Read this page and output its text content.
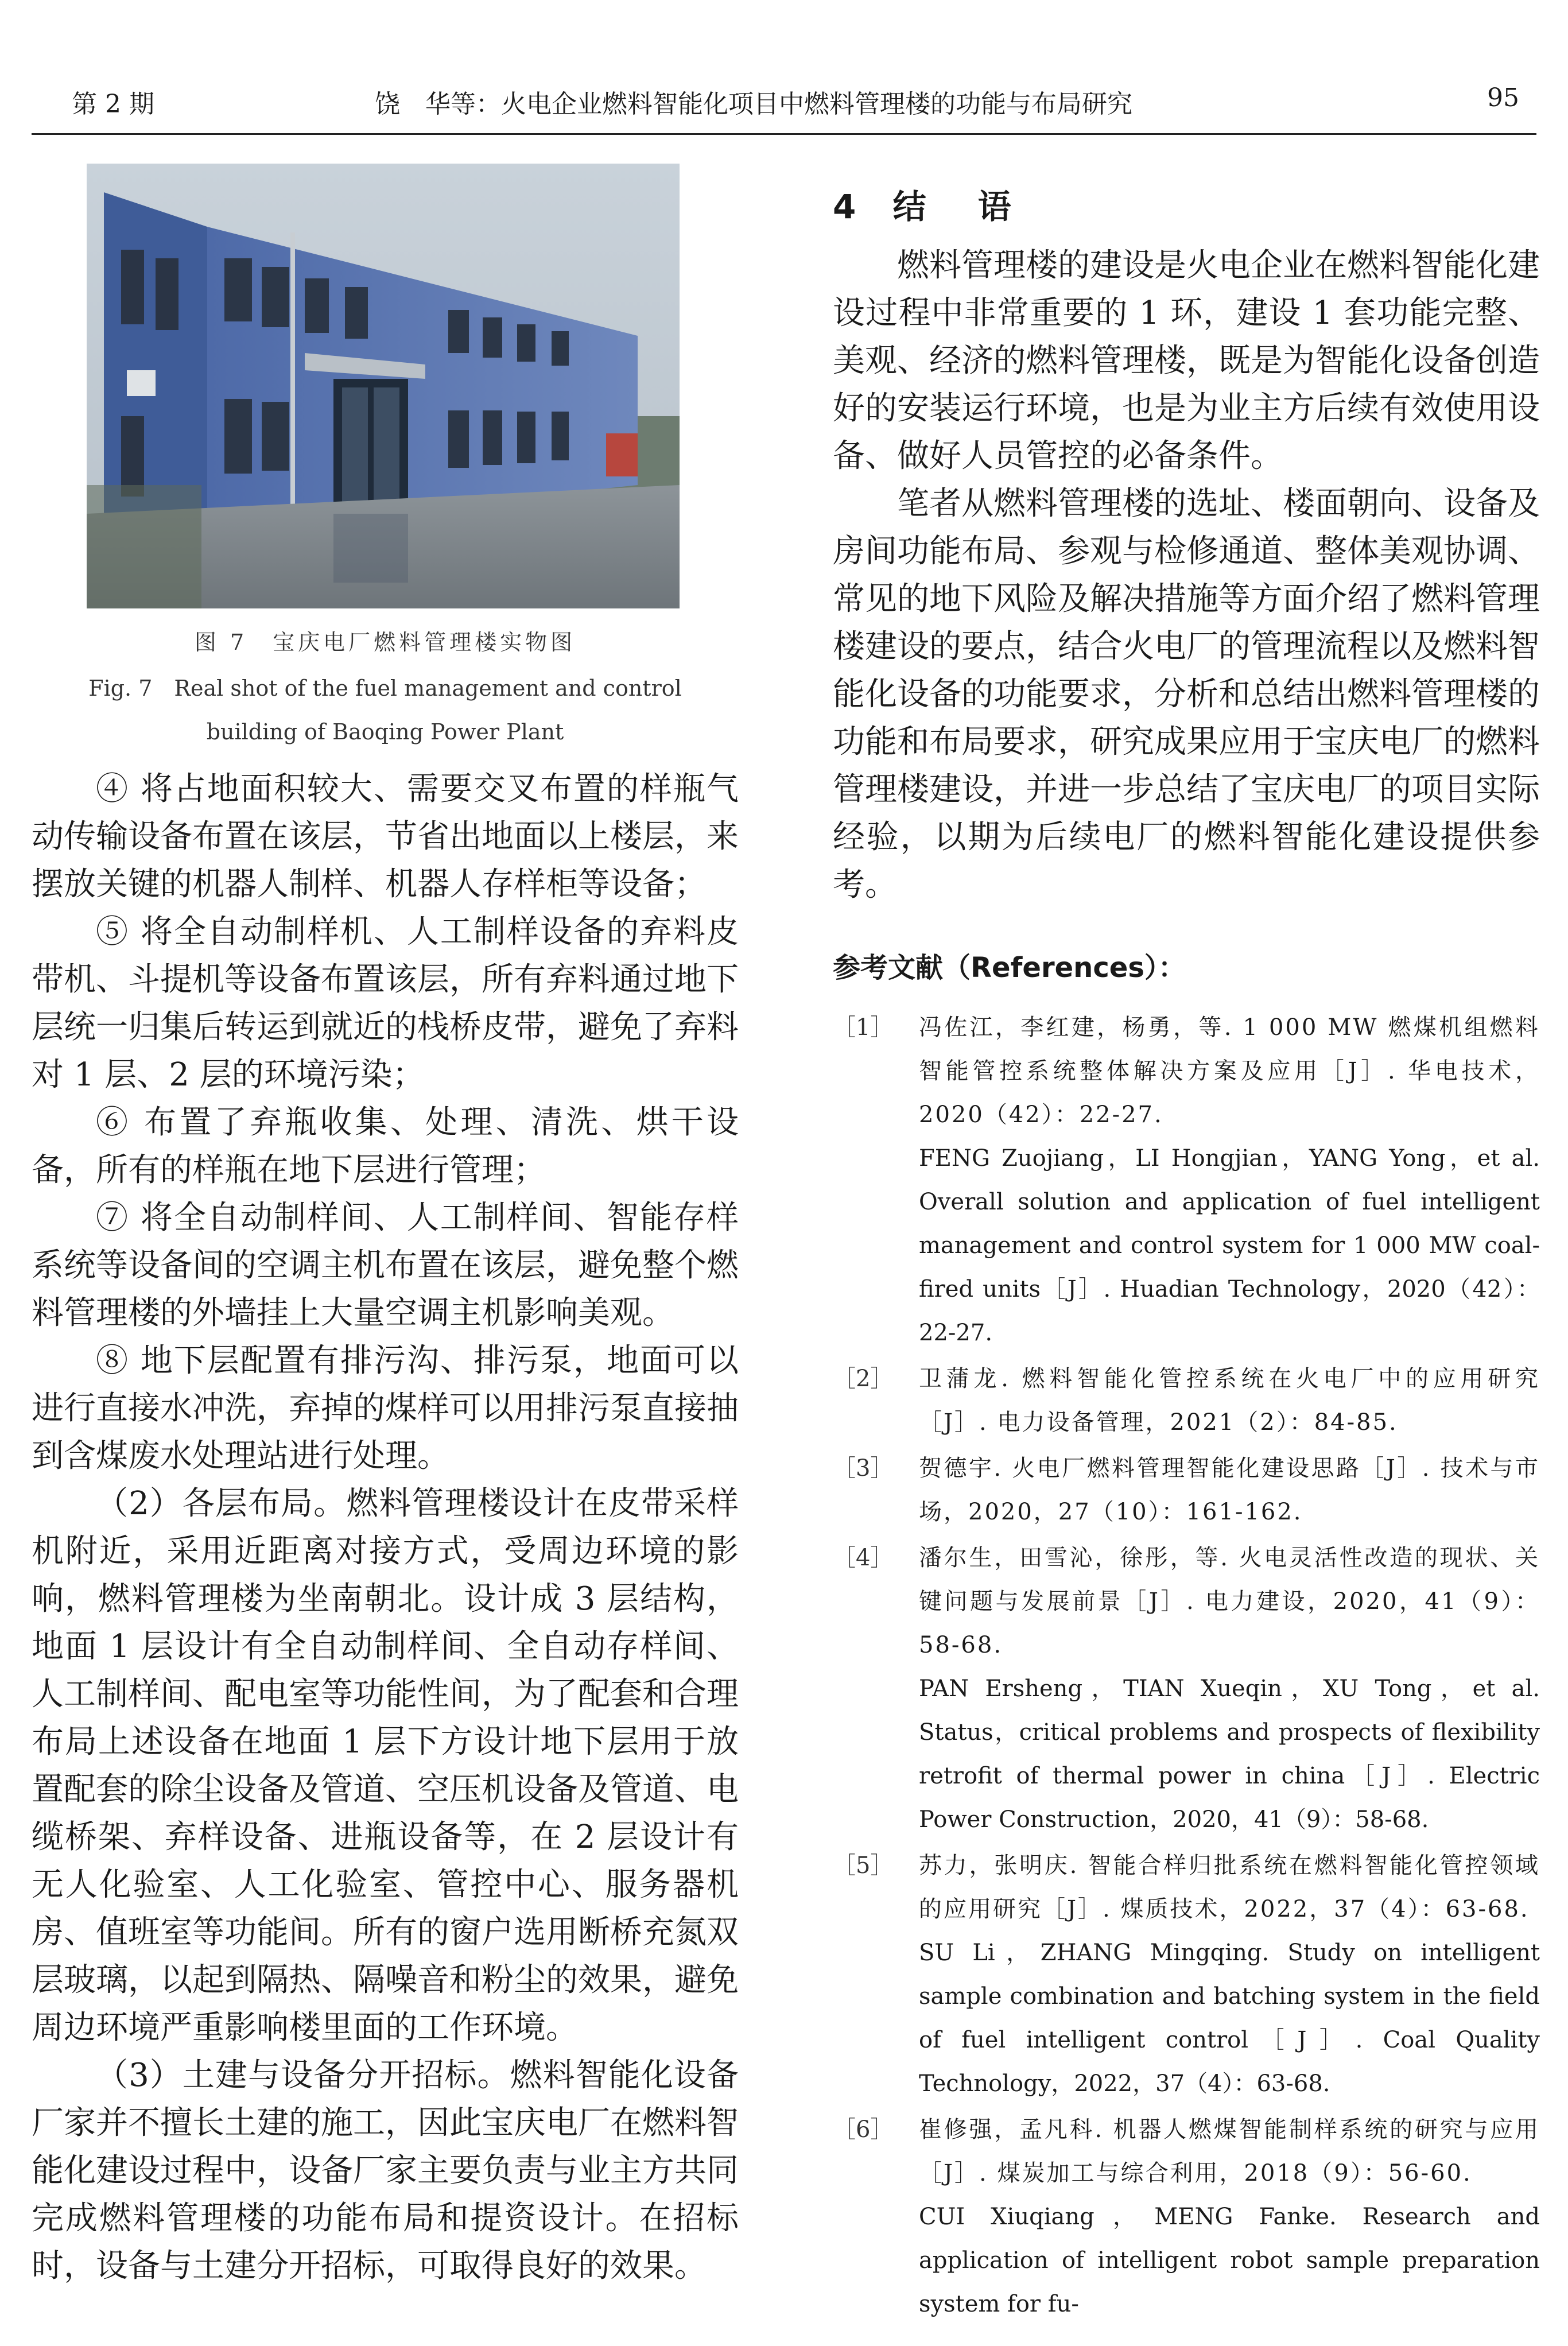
第 2 期	饶　华等：火电企业燃料智能化项目中燃料管理楼的功能与布局研究	95
图 7　宝庆电厂燃料管理楼实物图
Fig. 7　Real shot of the fuel management and control building of Baoqing Power Plant

④ 将占地面积较大、需要交叉布置的样瓶气动传输设备布置在该层，节省出地面以上楼层，来摆放关键的机器人制样、机器人存样柜等设备；

⑤ 将全自动制样机、人工制样设备的弃料皮带机、斗提机等设备布置该层，所有弃料通过地下层统一归集后转运到就近的栈桥皮带，避免了弃料对 1 层、2 层的环境污染；

⑥ 布置了弃瓶收集、处理、清洗、烘干设备，所有的样瓶在地下层进行管理；

⑦ 将全自动制样间、人工制样间、智能存样系统等设备间的空调主机布置在该层，避免整个燃料管理楼的外墙挂上大量空调主机影响美观。

⑧ 地下层配置有排污沟、排污泵，地面可以进行直接水冲洗，弃掉的煤样可以用排污泵直接抽到含煤废水处理站进行处理。

（2）各层布局。燃料管理楼设计在皮带采样机附近，采用近距离对接方式，受周边环境的影响，燃料管理楼为坐南朝北。设计成 3 层结构，地面 1 层设计有全自动制样间、全自动存样间、人工制样间、配电室等功能性间，为了配套和合理布局上述设备在地面 1 层下方设计地下层用于放置配套的除尘设备及管道、空压机设备及管道、电缆桥架、弃样设备、进瓶设备等，在 2 层设计有无人化验室、人工化验室、管控中心、服务器机房、值班室等功能间。所有的窗户选用断桥充氮双层玻璃，以起到隔热、隔噪音和粉尘的效果，避免周边环境严重影响楼里面的工作环境。

（3）土建与设备分开招标。燃料智能化设备厂家并不擅长土建的施工，因此宝庆电厂在燃料智能化建设过程中，设备厂家主要负责与业主方共同完成燃料管理楼的功能布局和提资设计。在招标时，设备与土建分开招标，可取得良好的效果。

4 结语

燃料管理楼的建设是火电企业在燃料智能化建设过程中非常重要的 1 环，建设 1 套功能完整、美观、经济的燃料管理楼，既是为智能化设备创造好的安装运行环境，也是为业主方后续有效使用设备、做好人员管控的必备条件。

笔者从燃料管理楼的选址、楼面朝向、设备及房间功能布局、参观与检修通道、整体美观协调、常见的地下风险及解决措施等方面介绍了燃料管理楼建设的要点，结合火电厂的管理流程以及燃料智能化设备的功能要求，分析和总结出燃料管理楼的功能和布局要求，研究成果应用于宝庆电厂的燃料管理楼建设，并进一步总结了宝庆电厂的项目实际经验，以期为后续电厂的燃料智能化建设提供参考。

参考文献（References）：
［1］	冯佐江，李红建，杨勇，等. 1 000 MW 燃煤机组燃料智能管控系统整体解决方案及应用［J］. 华电技术，2020（42）：22-27.

FENG Zuojiang，LI Hongjian，YANG Yong，et al. Overall solution and application of fuel intelligent management and control system for 1 000 MW coal-fired units［J］. Huadian Technology，2020（42）：22-27.

［2］	卫蒲龙. 燃料智能化管控系统在火电厂中的应用研究［J］. 电力设备管理，2021（2）：84-85.

［3］	贺德宇. 火电厂燃料管理智能化建设思路［J］. 技术与市场，2020，27（10）：161-162.

［4］	潘尔生，田雪沁，徐彤，等. 火电灵活性改造的现状、关键问题与发展前景［J］. 电力建设，2020，41（9）：58-68.

PAN Ersheng，TIAN Xueqin，XU Tong，et al. Status，critical problems and prospects of flexibility retrofit of thermal power in china［J］. Electric Power Construction，2020，41（9）：58-68.

［5］	苏力，张明庆. 智能合样归批系统在燃料智能化管控领域的应用研究［J］. 煤质技术，2022，37（4）：63-68.

SU Li，ZHANG Mingqing. Study on intelligent sample combination and batching system in the field of fuel intelligent control［J］. Coal Quality Technology，2022，37（4）：63-68.

［6］	崔修强，孟凡科. 机器人燃煤智能制样系统的研究与应用［J］. 煤炭加工与综合利用，2018（9）：56-60.

CUI Xiuqiang，MENG Fanke. Research and application of intelligent robot sample preparation system for fu-
